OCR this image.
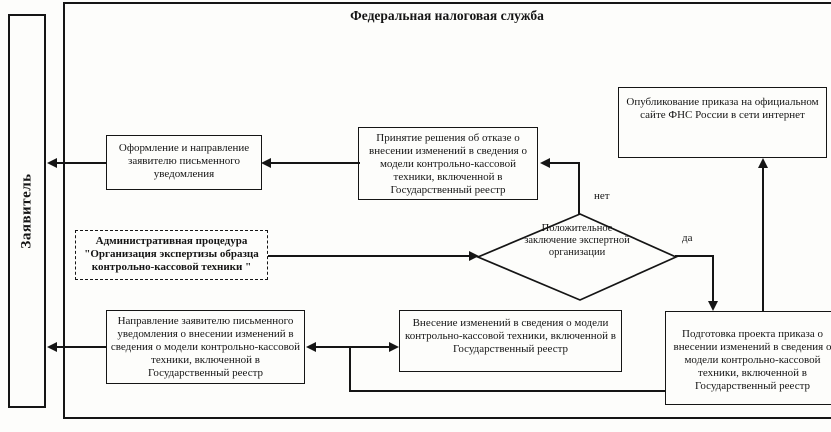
Заявитель
Федеральная налоговая служба
Оформление и направление заявителю письменного уведомления
Принятие решения об отказе о внесении изменений в сведения о модели контрольно-кассовой техники, включенной в Государственный реестр
Опубликование приказа на официальном сайте ФНС России в сети интернет
Административная процедура "Организация экспертизы образца контрольно-кассовой техники "
Направление заявителю письменного уведомления о внесении изменений в сведения о модели контрольно-кассовой техники, включенной в Государственный реестр
Внесение изменений в сведения о модели контрольно-кассовой техники, включенной в Государственный реестр
Подготовка проекта приказа о внесении изменений в сведения о модели контрольно-кассовой техники, включенной в Государственный реестр
Положительное заключение экспертной организации
нет
да
